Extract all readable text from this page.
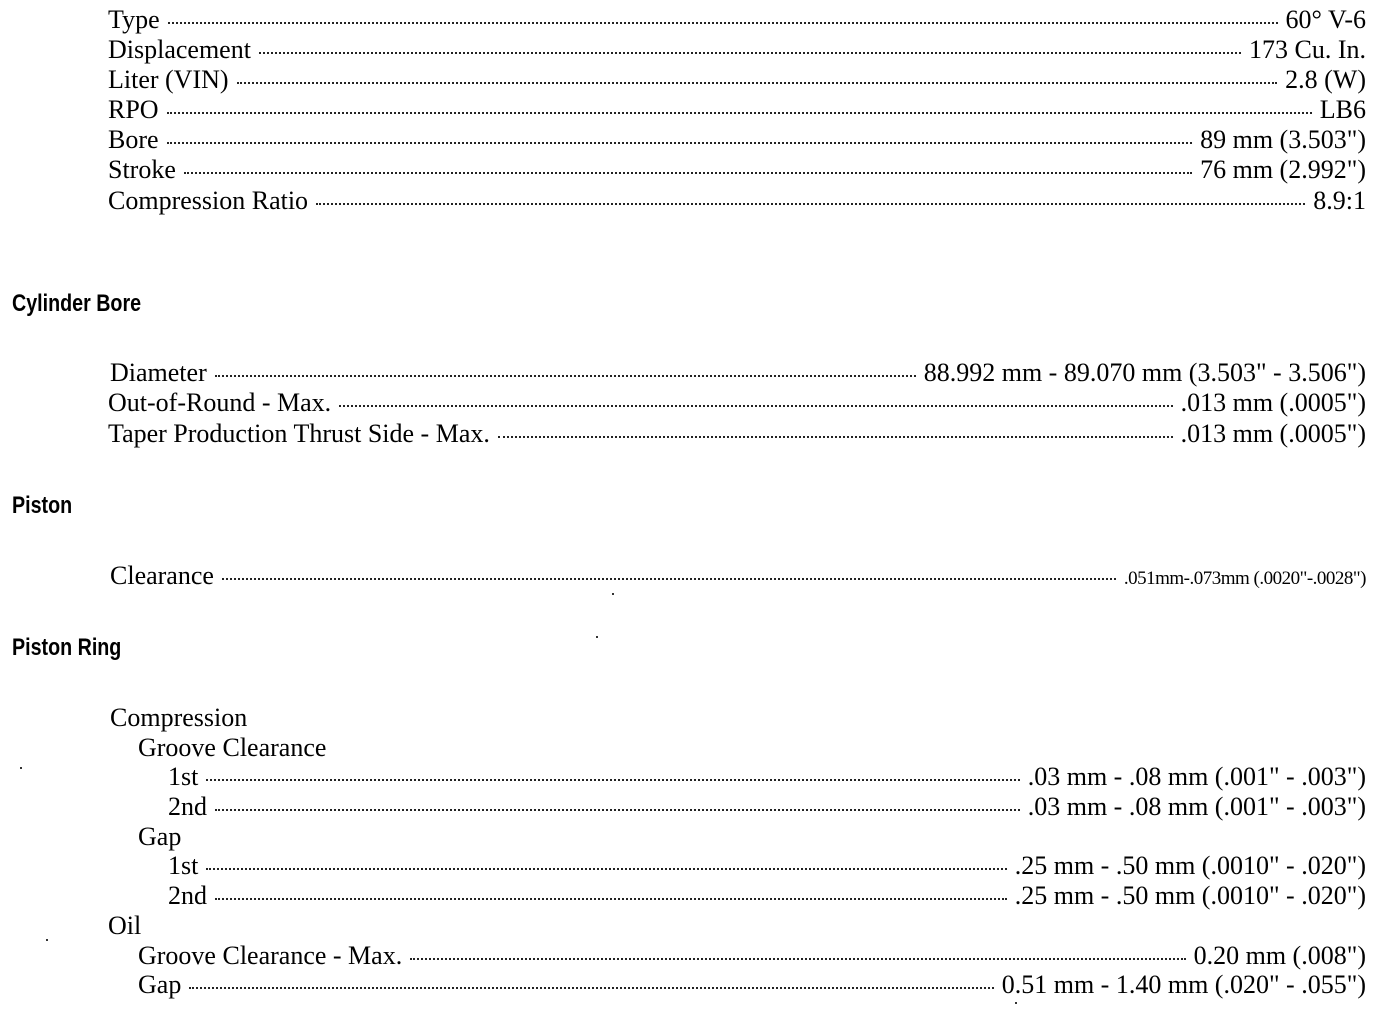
Type	60° V-6
Displacement	173 Cu. In.
Liter (VIN)	2.8 (W)
RPO	LB6
Bore	89 mm (3.503")
Stroke	76 mm (2.992")
Compression Ratio	8.9:1
Cylinder Bore
Diameter	88.992 mm - 89.070 mm (3.503" - 3.506")
Out-of-Round - Max.	.013 mm (.0005")
Taper Production Thrust Side - Max.	.013 mm (.0005")
Piston
Clearance	.051mm-.073mm (.0020"-.0028")
Piston Ring
Compression
Groove Clearance
1st	.03 mm - .08 mm (.001" - .003")
2nd	.03 mm - .08 mm (.001" - .003")
Gap
1st	.25 mm - .50 mm (.0010" - .020")
2nd	.25 mm - .50 mm (.0010" - .020")
Oil
Groove Clearance - Max.	0.20 mm (.008")
Gap	0.51 mm - 1.40 mm (.020" - .055")
